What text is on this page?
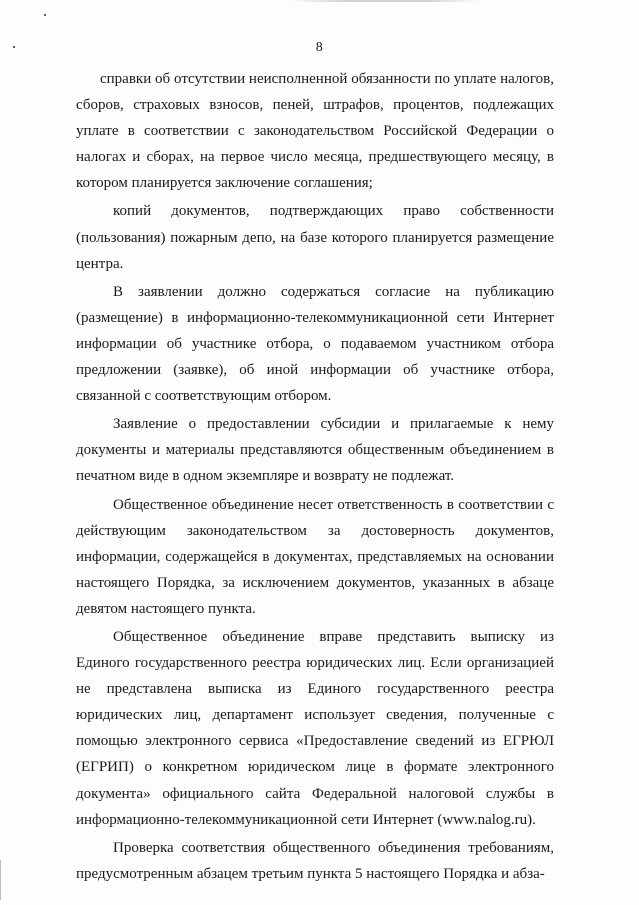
8

справки об отсутствии неисполненной обязанности по уплате налогов, сборов, страховых взносов, пеней, штрафов, процентов, подлежащих уплате в соответствии с законодательством Российской Федерации о налогах и сборах, на первое число месяца, предшествующего месяцу, в котором планируется заключение соглашения;

копий документов, подтверждающих право собственности (пользования) пожарным депо, на базе которого планируется размещение центра.

В заявлении должно содержаться согласие на публикацию (размещение) в информационно-телекоммуникационной сети Интернет информации об участнике отбора, о подаваемом участником отбора предложении (заявке), об иной информации об участнике отбора, связанной с соответствующим отбором.

Заявление о предоставлении субсидии и прилагаемые к нему документы и материалы представляются общественным объединением в печатном виде в одном экземпляре и возврату не подлежат.

Общественное объединение несет ответственность в соответствии с действующим законодательством за достоверность документов, информации, содержащейся в документах, представляемых на основании настоящего Порядка, за исключением документов, указанных в абзаце девятом настоящего пункта.

Общественное объединение вправе представить выписку из Единого государственного реестра юридических лиц. Если организацией не представлена выписка из Единого государственного реестра юридических лиц, департамент использует сведения, полученные с помощью электронного сервиса «Предоставление сведений из ЕГРЮЛ (ЕГРИП) о конкретном юридическом лице в формате электронного документа» официального сайта Федеральной налоговой службы в информационно-телекоммуникационной сети Интернет (www.nalog.ru).

Проверка соответствия общественного объединения требованиям, предусмотренным абзацем третьим пункта 5 настоящего Порядка и абза-
